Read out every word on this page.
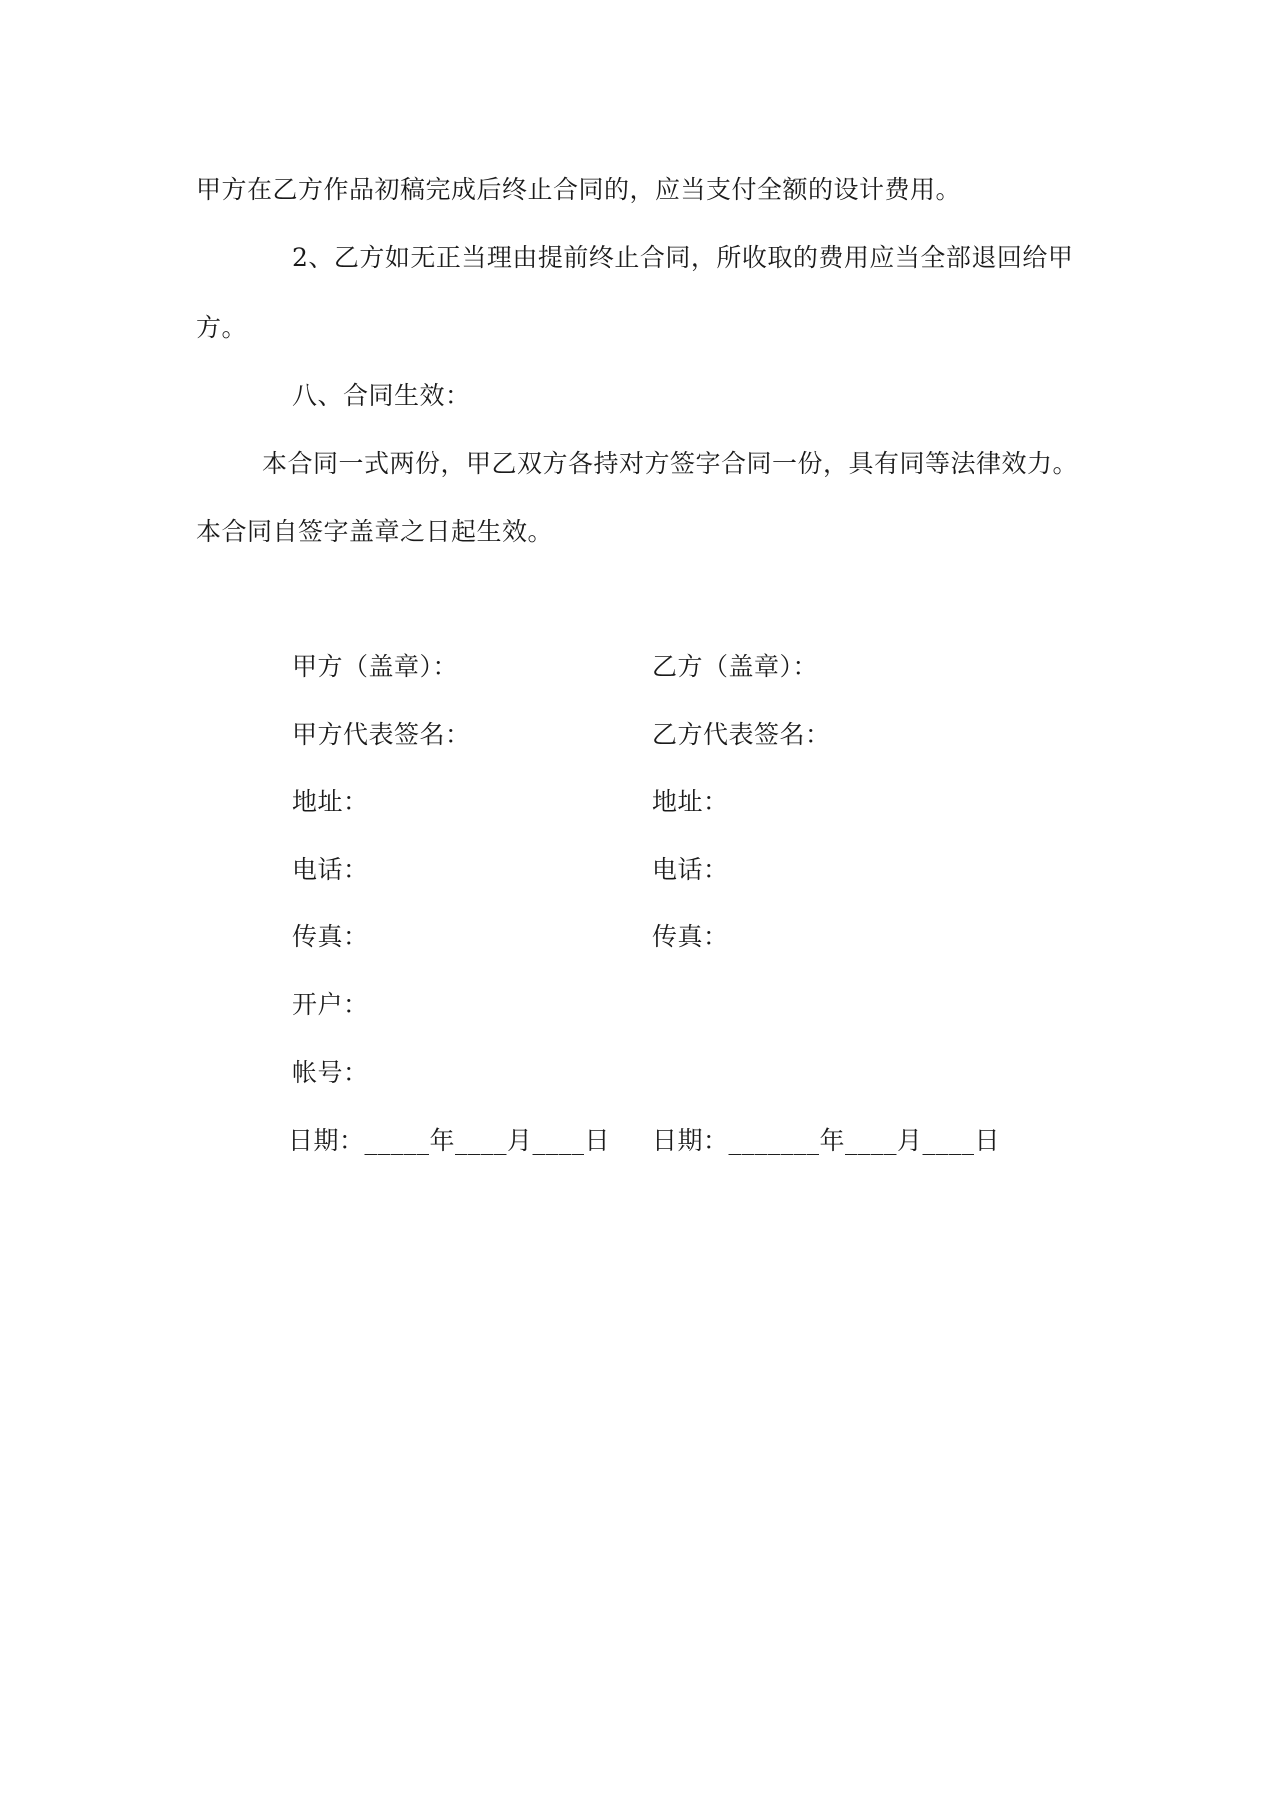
甲方在乙方作品初稿完成后终止合同的，应当支付全额的设计费用。
2、乙方如无正当理由提前终止合同，所收取的费用应当全部退回给甲
方。
八、合同生效：
本合同一式两份，甲乙双方各持对方签字合同一份，具有同等法律效力。
本合同自签字盖章之日起生效。
甲方（盖章）：
甲方代表签名：
地址：
电话：
传真：
开户：
帐号：
日期：_____年____月____日
乙方（盖章）：
乙方代表签名：
地址：
电话：
传真：
日期：_______年____月____日
